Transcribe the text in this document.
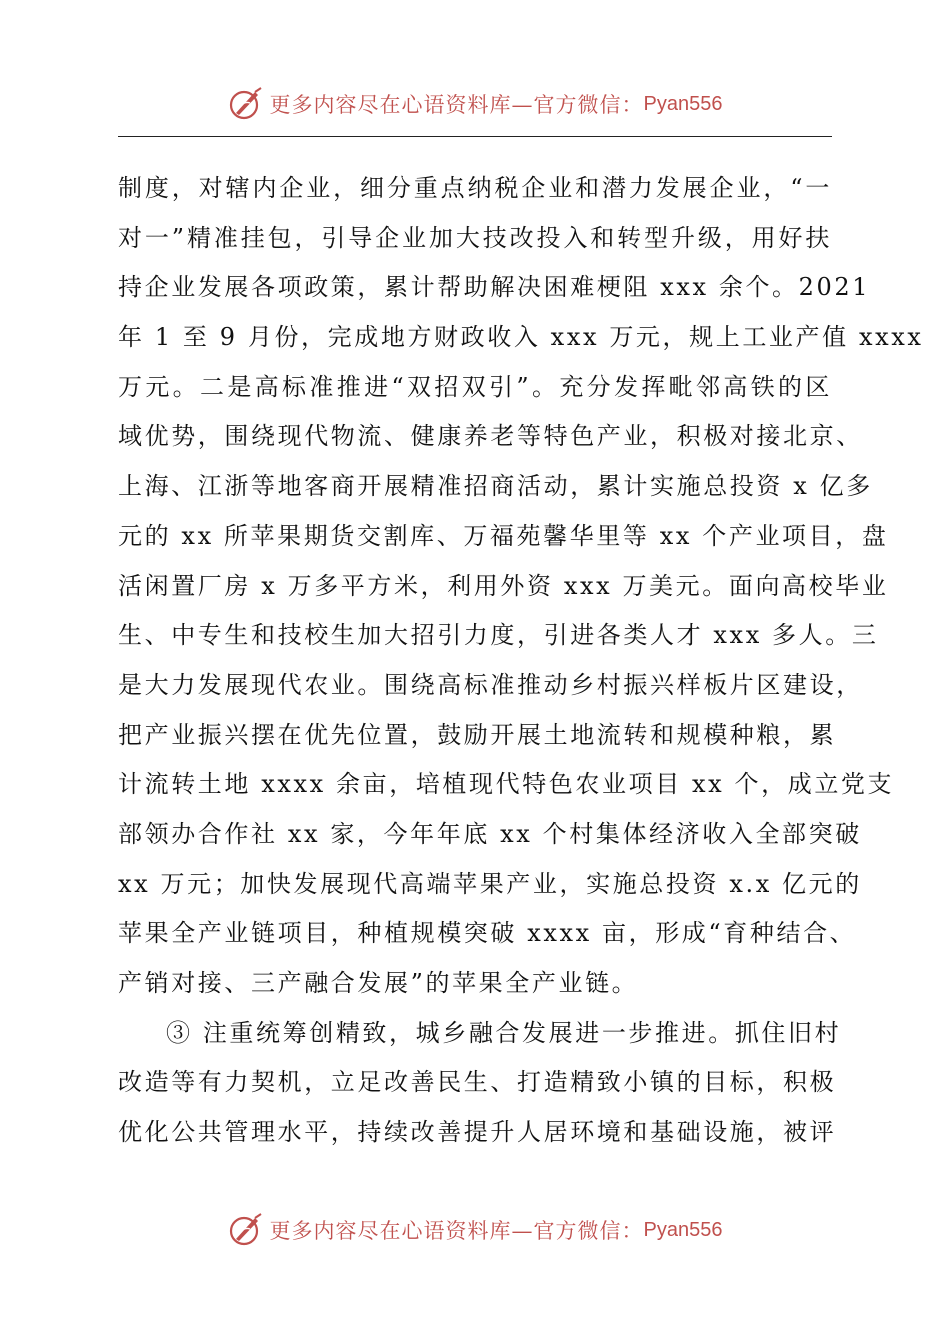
更多内容尽在心语资料库—官方微信： Pyan556
制度，对辖内企业，细分重点纳税企业和潜力发展企业，“一
对一”精准挂包，引导企业加大技改投入和转型升级，用好扶
持企业发展各项政策，累计帮助解决困难梗阻 xxx 余个。2021
年 1 至 9 月份，完成地方财政收入 xxx 万元，规上工业产值 xxxx
万元。二是高标准推进“双招双引”。充分发挥毗邻高铁的区
域优势，围绕现代物流、健康养老等特色产业，积极对接北京、
上海、江浙等地客商开展精准招商活动，累计实施总投资 x 亿多
元的 xx 所苹果期货交割库、万福苑馨华里等 xx 个产业项目，盘
活闲置厂房 x 万多平方米，利用外资 xxx 万美元。面向高校毕业
生、中专生和技校生加大招引力度，引进各类人才 xxx 多人。三
是大力发展现代农业。围绕高标准推动乡村振兴样板片区建设，
把产业振兴摆在优先位置，鼓励开展土地流转和规模种粮，累
计流转土地 xxxx 余亩，培植现代特色农业项目 xx 个，成立党支
部领办合作社 xx 家，今年年底 xx 个村集体经济收入全部突破
xx 万元；加快发展现代高端苹果产业，实施总投资 x.x 亿元的
苹果全产业链项目，种植规模突破 xxxx 亩，形成“育种结合、
产销对接、三产融合发展”的苹果全产业链。
③ 注重统筹创精致，城乡融合发展进一步推进。抓住旧村
改造等有力契机，立足改善民生、打造精致小镇的目标，积极
优化公共管理水平，持续改善提升人居环境和基础设施，被评
更多内容尽在心语资料库—官方微信： Pyan556
